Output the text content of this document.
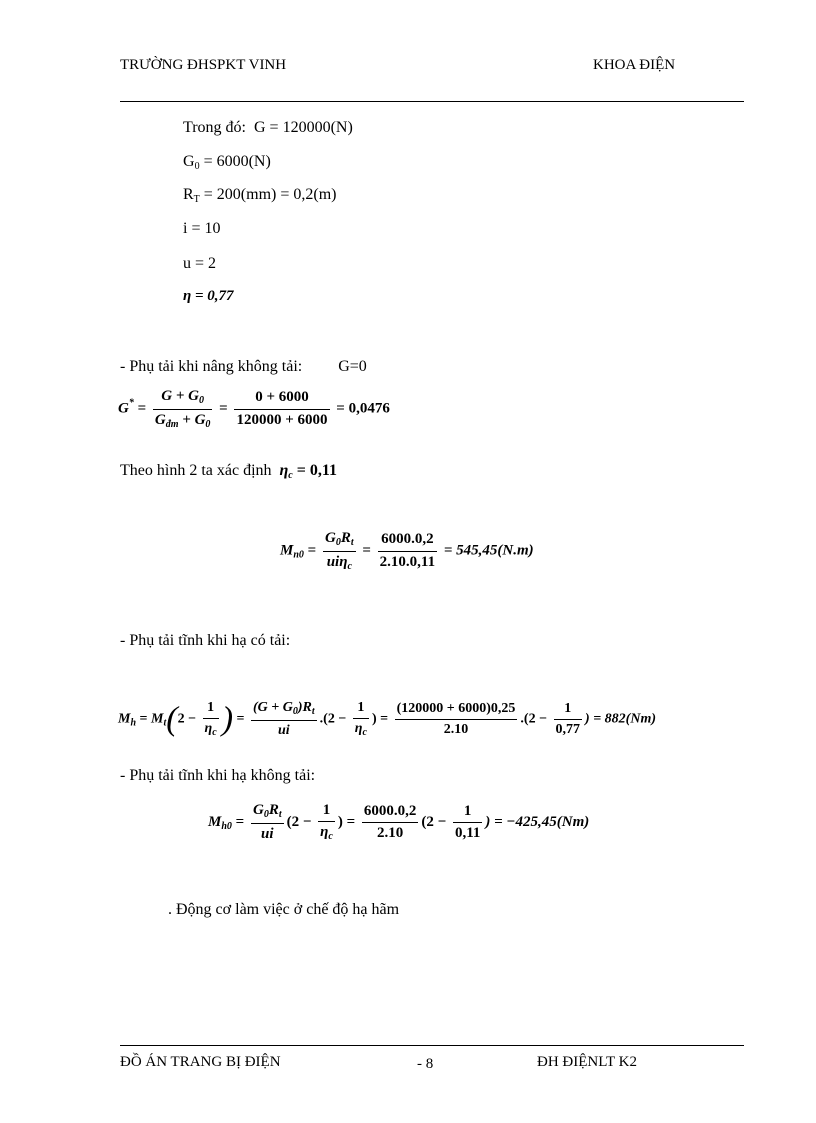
TRƯỜNG ĐHSPKT VINH	KHOA ĐIỆN
Trong đó: G = 120000(N)
$G_0 = 6000(N)$
$R_T = 200(mm) = 0,2(m)$
i = 10
u = 2
η = 0,77
- Phụ tải khi nâng không tải: G=0
$G^* = \frac{G + G_0}{G_{đm} + G_0} = \frac{0 + 6000}{120000 + 6000} = 0,0476$
Theo hình 2 ta xác định $\eta_c = 0,11$
$M_{n0} = \frac{G_0R_t}{ui\eta_c} = \frac{6000.0,2}{2.10.0,11} = 545,45(N.m)$
- Phụ tải tĩnh khi hạ có tải:
$M_h = M_t(2 - \frac{1}{\eta_c}$ ) = $\frac{(G + G_0)R_t}{ui} .(2 - \frac{1}{\eta_c}$ ) = $\frac{(120000 + 6000)0,25}{2.10} .(2 - \frac{1}{0,77}$ ) = 882(Nm)
- Phụ tải tĩnh khi hạ không tải:
$M_{h0} = \frac{G_0R_t}{ui} (2 - \frac{1}{\eta_c}$ ) = $\frac{6000.0,2}{2.10} (2 - \frac{1}{0,11}$ ) = −425,45(Nm)
. Động cơ làm việc ở chế độ hạ hãm
ĐỒ ÁN TRANG BỊ ĐIỆN	- 8	ĐH ĐIỆNLT K2
